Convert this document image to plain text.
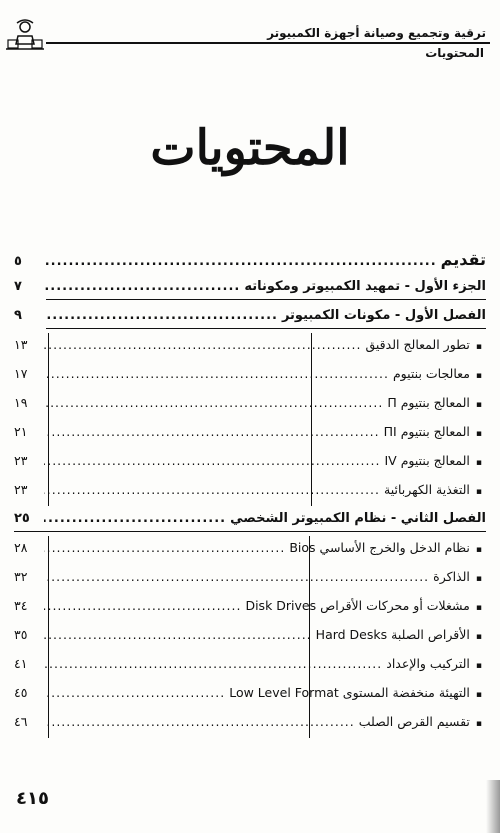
ترقية وتجميع وصيانة أجهزة الكمبيوتر
المحتويات
المحتويات
تقديم
.....
٥
الجزء الأول - تمهيد الكمبيوتر ومكوناته
.....
٧
الفصل الأول - مكونات الكمبيوتر
.....
٩
▪ تطور المعالج الدقيق
.....
١٣
▪ معالجات بنتيوم
.....
١٧
▪ المعالج بنتيوم Π
.....
١٩
▪ المعالج بنتيوم ΠI
.....
٢١
▪ المعالج بنتيوم IV
.....
٢٣
▪ التغذية الكهربائية
.....
٢٣
الفصل الثاني - نظام الكمبيوتر الشخصي
.....
٢٥
▪ نظام الدخل والخرج الأساسي Bios
.....
٢٨
▪ الذاكرة
.....
٣٢
▪ مشغلات أو محركات الأقراص Disk Drives
.....
٣٤
▪ الأقراص الصلبة Hard Desks
.....
٣٥
▪ التركيب والإعداد
.....
٤١
▪ التهيئة منخفضة المستوى Low Level Format
.....
٤٥
▪ تقسيم القرص الصلب
.....
٤٦
٤١٥
